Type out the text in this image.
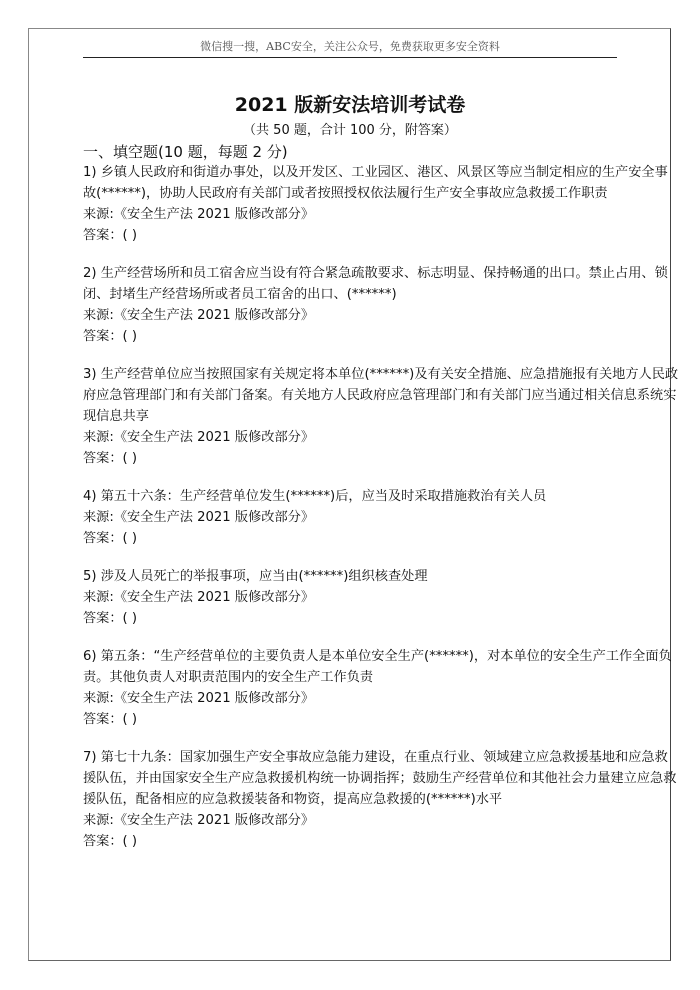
微信搜一搜，ABC安全，关注公众号，免费获取更多安全资料
2021 版新安法培训考试卷
（共 50 题，合计 100 分，附答案）
一、填空题(10 题，每题 2 分)
1) 乡镇人民政府和街道办事处，以及开发区、工业园区、港区、风景区等应当制定相应的生产安全事
故(******)，协助人民政府有关部门或者按照授权依法履行生产安全事故应急救援工作职责
来源:《安全生产法 2021 版修改部分》
答案：( )
2) 生产经营场所和员工宿舍应当设有符合紧急疏散要求、标志明显、保持畅通的出口。禁止占用、锁
闭、封堵生产经营场所或者员工宿舍的出口、(******)
来源:《安全生产法 2021 版修改部分》
答案：( )
3) 生产经营单位应当按照国家有关规定将本单位(******)及有关安全措施、应急措施报有关地方人民政
府应急管理部门和有关部门备案。有关地方人民政府应急管理部门和有关部门应当通过相关信息系统实
现信息共享
来源:《安全生产法 2021 版修改部分》
答案：( )
4) 第五十六条：生产经营单位发生(******)后，应当及时采取措施救治有关人员
来源:《安全生产法 2021 版修改部分》
答案：( )
5) 涉及人员死亡的举报事项，应当由(******)组织核查处理
来源:《安全生产法 2021 版修改部分》
答案：( )
6) 第五条：“生产经营单位的主要负责人是本单位安全生产(******)，对本单位的安全生产工作全面负
责。其他负责人对职责范围内的安全生产工作负责
来源:《安全生产法 2021 版修改部分》
答案：( )
7) 第七十九条：国家加强生产安全事故应急能力建设，在重点行业、领域建立应急救援基地和应急救
援队伍，并由国家安全生产应急救援机构统一协调指挥；鼓励生产经营单位和其他社会力量建立应急救
援队伍，配备相应的应急救援装备和物资，提高应急救援的(******)水平
来源:《安全生产法 2021 版修改部分》
答案：( )
